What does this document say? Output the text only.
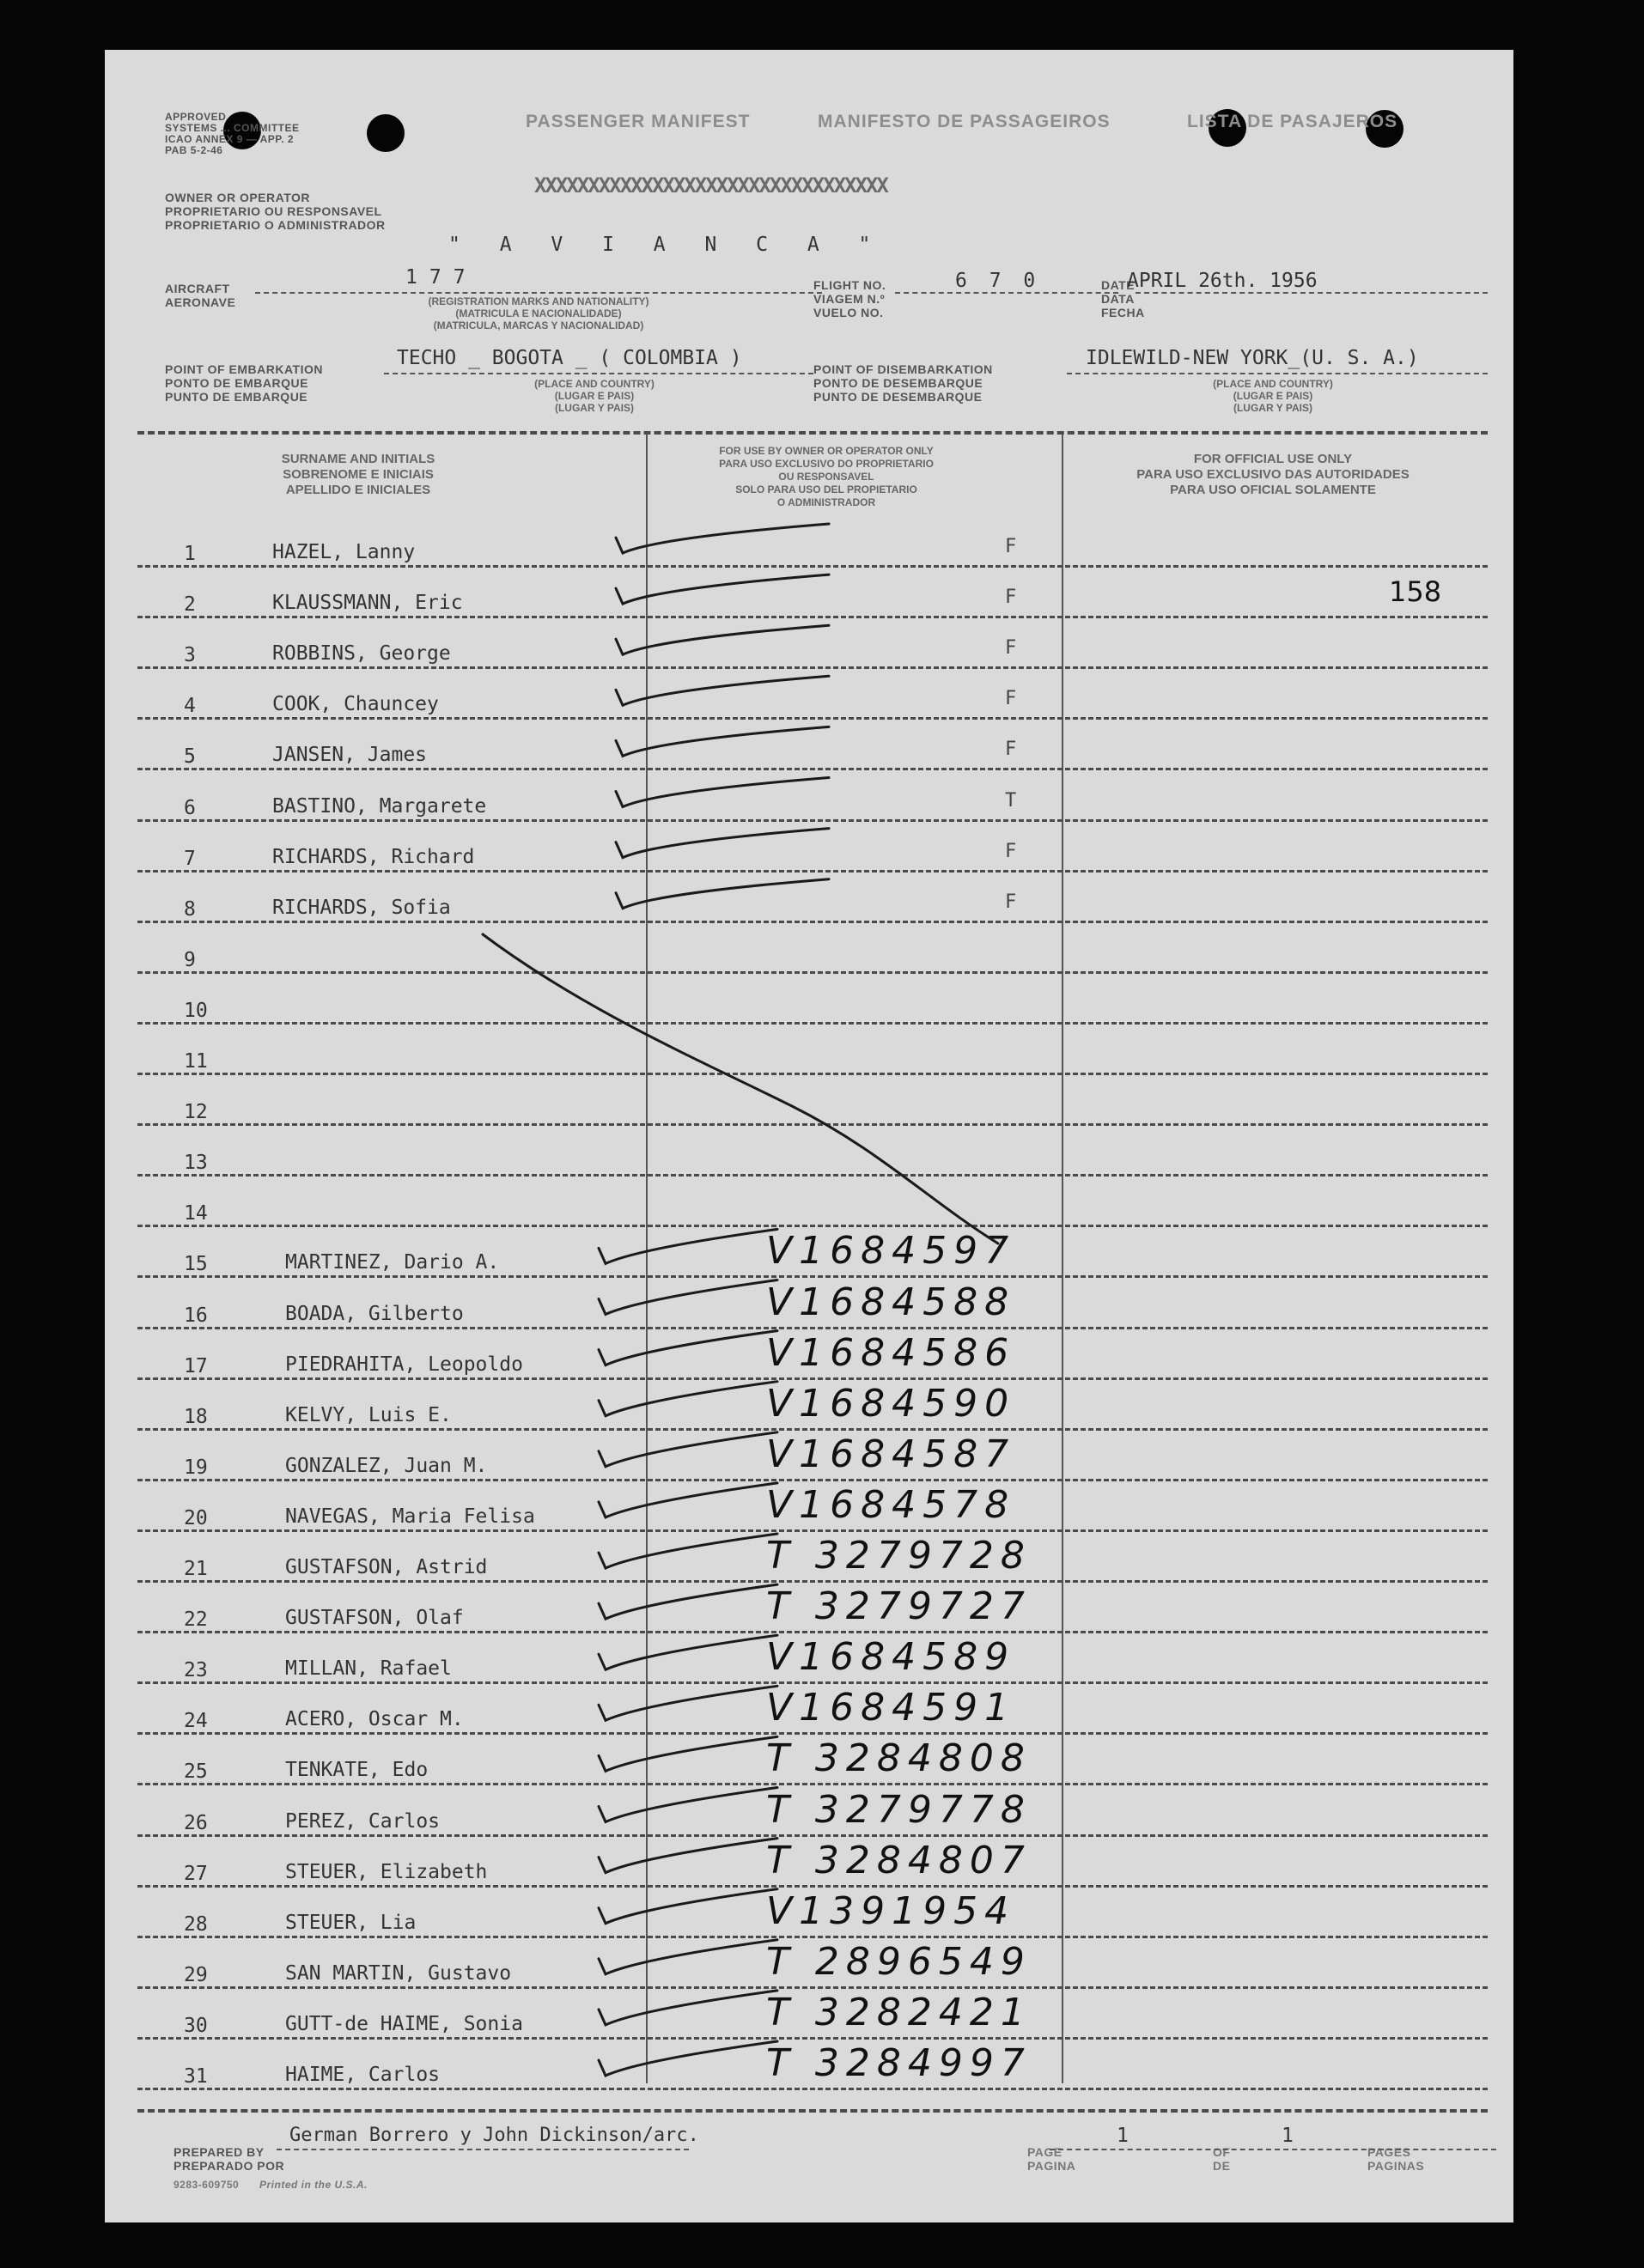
APPROVED
SYSTEMS ... COMMITTEE
ICAO ANNEX 9 — APP. 2
PAB 5-2-46
PASSENGER MANIFEST	MANIFESTO DE PASSAGEIROS	LISTA DE PASAJEROS
XXXXXXXXXXXXXXXXXXXXXXXXXXXXXXXXX
OWNER OR OPERATOR
PROPRIETARIO OU RESPONSAVEL
PROPRIETARIO O ADMINISTRADOR
" A V I A N C A "
AIRCRAFT
AERONAVE
177
(REGISTRATION MARKS AND NATIONALITY)
(MATRICULA E NACIONALIDADE)
(MATRICULA, MARCAS Y NACIONALIDAD)
FLIGHT NO.
VIAGEM N.º
VUELO NO.
6 7 0	DATE
DATA
FECHA
APRIL 26th. 1956
POINT OF EMBARKATION
PONTO DE EMBARQUE
PUNTO DE EMBARQUE
TECHO _ BOGOTA _ ( COLOMBIA )
(PLACE AND COUNTRY)
(LUGAR E PAIS)
(LUGAR Y PAIS)
POINT OF DISEMBARKATION
PONTO DE DESEMBARQUE
PUNTO DE DESEMBARQUE
IDLEWILD-NEW YORK_(U. S. A.)
(PLACE AND COUNTRY)
(LUGAR E PAIS)
(LUGAR Y PAIS)
SURNAME AND INITIALS
SOBRENOME E INICIAIS
APELLIDO E INICIALES
FOR USE BY OWNER OR OPERATOR ONLY
PARA USO EXCLUSIVO DO PROPRIETARIO
OU RESPONSAVEL
SOLO PARA USO DEL PROPIETARIO
O ADMINISTRADOR
FOR OFFICIAL USE ONLY
PARA USO EXCLUSIVO DAS AUTORIDADES
PARA USO OFICIAL SOLAMENTE
158
1	HAZEL, Lanny	F
2	KLAUSSMANN, Eric	F
3	ROBBINS, George	F
4	COOK, Chauncey	F
5	JANSEN, James	F
6	BASTINO, Margarete	T
7	RICHARDS, Richard	F
8	RICHARDS, Sofia	F
9
10
11
12
13
14
15	MARTINEZ, Dario A.	V1684597
16	BOADA, Gilberto	V1684588
17	PIEDRAHITA, Leopoldo	V1684586
18	KELVY, Luis E.	V1684590
19	GONZALEZ, Juan M.	V1684587
20	NAVEGAS, Maria Felisa	V1684578
21	GUSTAFSON, Astrid	T 3279728
22	GUSTAFSON, Olaf	T 3279727
23	MILLAN, Rafael	V1684589
24	ACERO, Oscar M.	V1684591
25	TENKATE, Edo	T 3284808
26	PEREZ, Carlos	T 3279778
27	STEUER, Elizabeth	T 3284807
28	STEUER, Lia	V1391954
29	SAN MARTIN, Gustavo	T 2896549
30	GUTT-de HAIME, Sonia	T 3282421
31	HAIME, Carlos	T 3284997
PREPARED BY
PREPARADO POR
German Borrero y John Dickinson/arc.
PAGE
PAGINA
1
OF
DE
1
PAGES
PAGINAS
9283-609750 Printed in the U.S.A.
